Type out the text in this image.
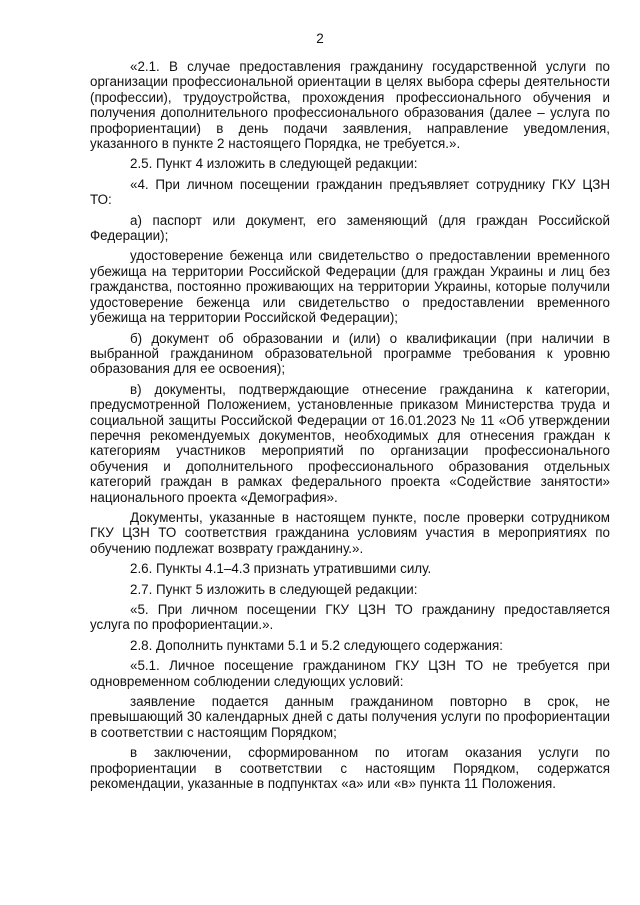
2

«2.1. В случае предоставления гражданину государственной услуги по организации профессиональной ориентации в целях выбора сферы деятельности (профессии), трудоустройства, прохождения профессионального обучения и получения дополнительного профессионального образования (далее – услуга по профориентации) в день подачи заявления, направление уведомления, указанного в пункте 2 настоящего Порядка, не требуется.».

2.5. Пункт 4 изложить в следующей редакции:

«4. При личном посещении гражданин предъявляет сотруднику ГКУ ЦЗН ТО:

а) паспорт или документ, его заменяющий (для граждан Российской Федерации);

удостоверение беженца или свидетельство о предоставлении временного убежища на территории Российской Федерации (для граждан Украины и лиц без гражданства, постоянно проживающих на территории Украины, которые получили удостоверение беженца или свидетельство о предоставлении временного убежища на территории Российской Федерации);

б) документ об образовании и (или) о квалификации (при наличии в выбранной гражданином образовательной программе требования к уровню образования для ее освоения);

в) документы, подтверждающие отнесение гражданина к категории, предусмотренной Положением, установленные приказом Министерства труда и социальной защиты Российской Федерации от 16.01.2023 № 11 «Об утверждении перечня рекомендуемых документов, необходимых для отнесения граждан к категориям участников мероприятий по организации профессионального обучения и дополнительного профессионального образования отдельных категорий граждан в рамках федерального проекта «Содействие занятости» национального проекта «Демография».

Документы, указанные в настоящем пункте, после проверки сотрудником ГКУ ЦЗН ТО соответствия гражданина условиям участия в мероприятиях по обучению подлежат возврату гражданину.».

2.6. Пункты 4.1–4.3 признать утратившими силу.

2.7. Пункт 5 изложить в следующей редакции:

«5. При личном посещении ГКУ ЦЗН ТО гражданину предоставляется услуга по профориентации.».

2.8. Дополнить пунктами 5.1 и 5.2 следующего содержания:

«5.1. Личное посещение гражданином ГКУ ЦЗН ТО не требуется при одновременном соблюдении следующих условий:

заявление подается данным гражданином повторно в срок, не превышающий 30 календарных дней с даты получения услуги по профориентации в соответствии с настоящим Порядком;

в заключении, сформированном по итогам оказания услуги по профориентации в соответствии с настоящим Порядком, содержатся рекомендации, указанные в подпунктах «а» или «в» пункта 11 Положения.
